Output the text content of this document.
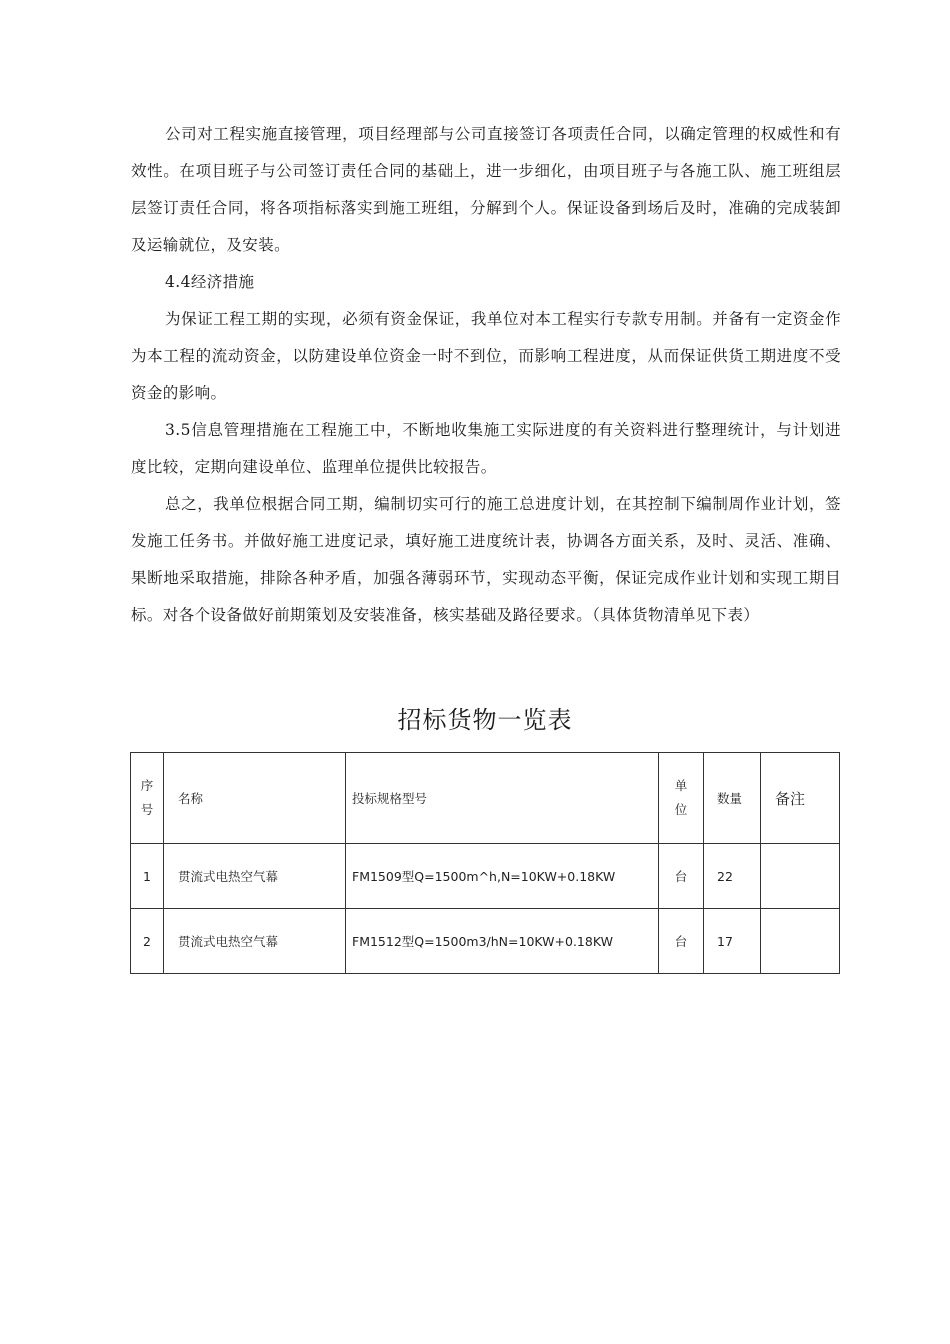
公司对工程实施直接管理，项目经理部与公司直接签订各项责任合同，以确定管理的权威性和有效性。在项目班子与公司签订责任合同的基础上，进一步细化，由项目班子与各施工队、施工班组层层签订责任合同，将各项指标落实到施工班组，分解到个人。保证设备到场后及时，准确的完成装卸及运输就位，及安装。

4.4经济措施

为保证工程工期的实现，必须有资金保证，我单位对本工程实行专款专用制。并备有一定资金作为本工程的流动资金，以防建设单位资金一时不到位，而影响工程进度，从而保证供货工期进度不受资金的影响。

3.5信息管理措施在工程施工中，不断地收集施工实际进度的有关资料进行整理统计，与计划进度比较，定期向建设单位、监理单位提供比较报告。

总之，我单位根据合同工期，编制切实可行的施工总进度计划，在其控制下编制周作业计划，签发施工任务书。并做好施工进度记录，填好施工进度统计表，协调各方面关系，及时、灵活、准确、果断地采取措施，排除各种矛盾，加强各薄弱环节，实现动态平衡，保证完成作业计划和实现工期目标。对各个设备做好前期策划及安装准备，核实基础及路径要求。（具体货物清单见下表）

招标货物一览表
序号	名称	投标规格型号	单位	数量	备注
1	贯流式电热空气幕	FM1509型Q=1500m^h,N=10KW+0.18KW	台	22	
2	贯流式电热空气幕	FM1512型Q=1500m3/hN=10KW+0.18KW	台	17	
